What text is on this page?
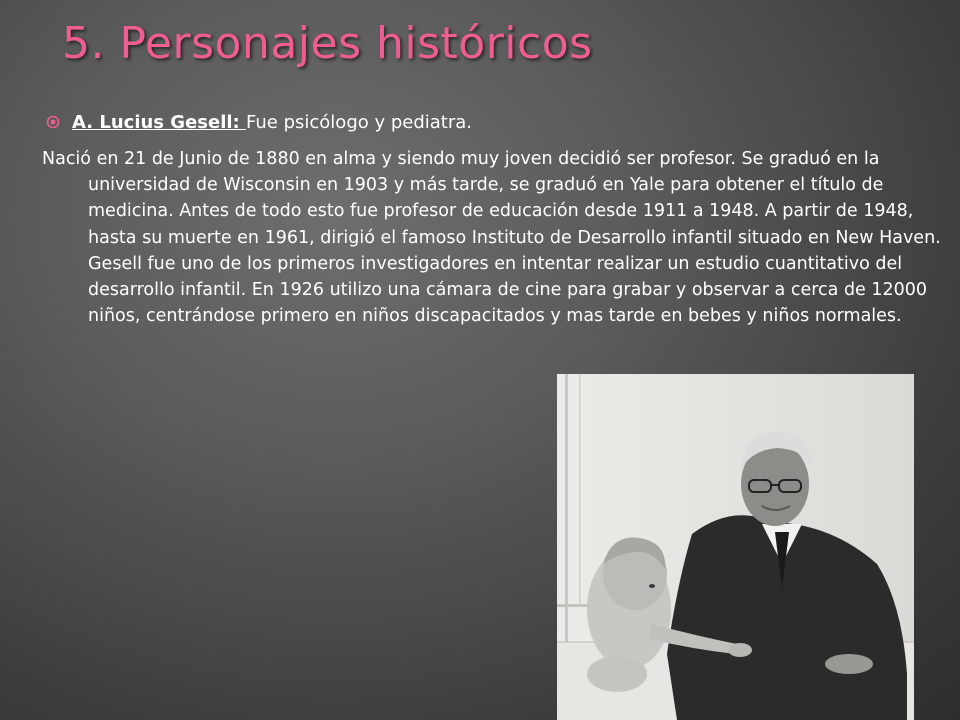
5. Personajes históricos
A. Lucius Gesell: Fue psicólogo y pediatra.

Nació en 21 de Junio de 1880 en alma y siendo muy joven decidió ser profesor. Se graduó en la universidad de Wisconsin en 1903 y más tarde, se graduó en Yale para obtener el título de medicina. Antes de todo esto fue profesor de educación desde 1911 a 1948. A partir de 1948, hasta su muerte en 1961, dirigió el famoso Instituto de Desarrollo infantil situado en New Haven. Gesell fue uno de los primeros investigadores en intentar realizar un estudio cuantitativo del desarrollo infantil. En 1926 utilizo una cámara de cine para grabar y observar a cerca de 12000 niños, centrándose primero en niños discapacitados y mas tarde en bebes y niños normales.
